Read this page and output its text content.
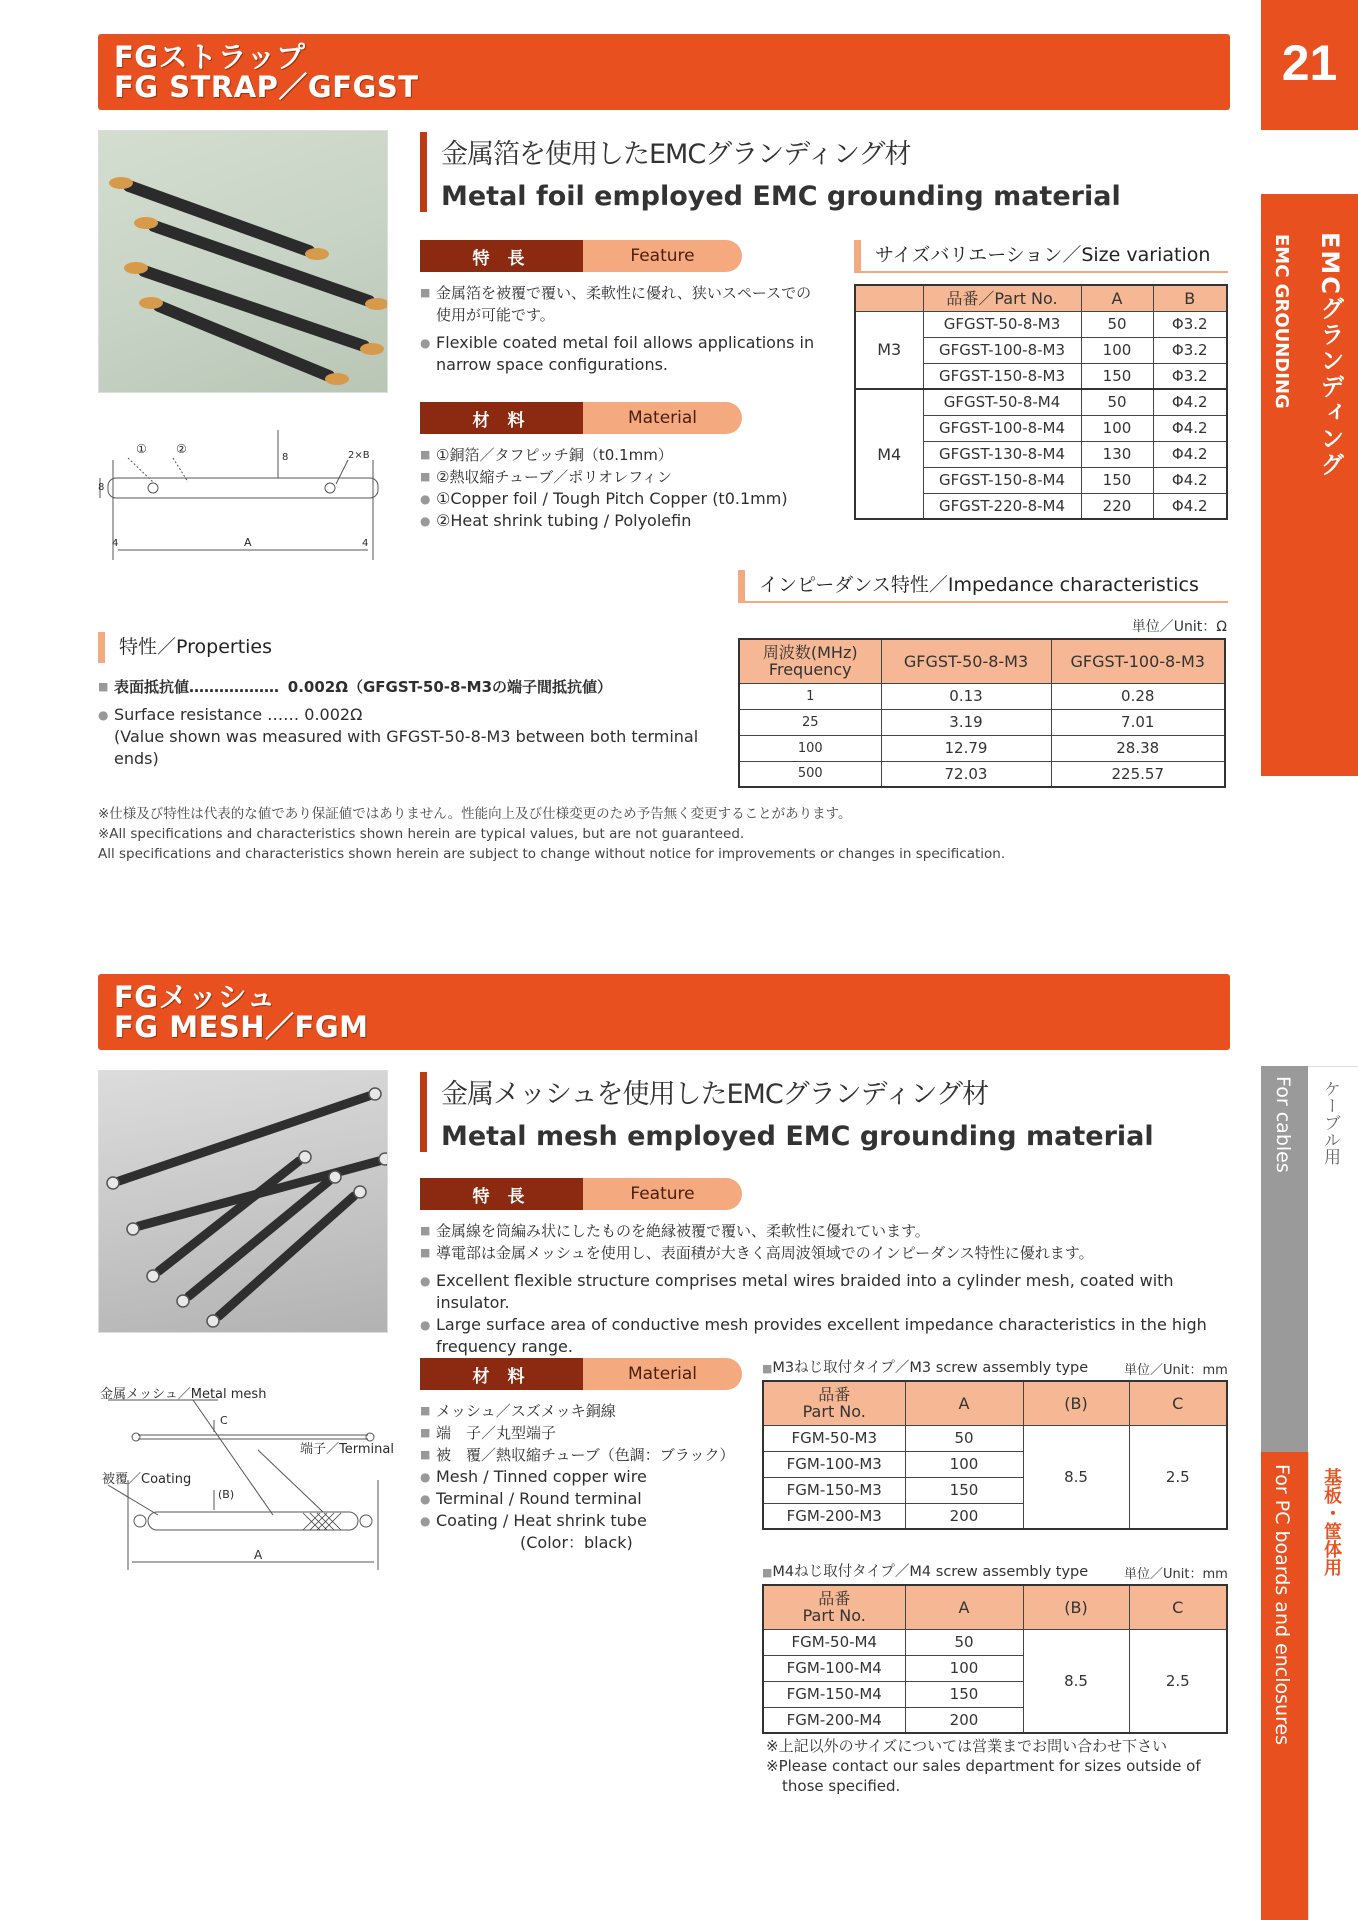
21
EMCグランディング
EMC GROUNDING
For cables ケーブル用
For PC boards and enclosures 基板・筐体用
FGストラップ
FG STRAP／GFGST
① ②
A
8
4
2×B
8
4
金属箔を使用したEMCグランディング材
Metal foil employed EMC grounding material
特 長	Feature
■ 金属箔を被覆で覆い、柔軟性に優れ、狭いスペースでの使用が可能です。
● Flexible coated metal foil allows applications in narrow space configurations.
材 料	Material
■ ①銅箔／タフピッチ銅（t0.1mm）
■ ②熱収縮チューブ／ポリオレフィン
● ①Copper foil / Tough Pitch Copper (t0.1mm)
● ②Heat shrink tubing / Polyolefin
サイズバリエーション／Size variation
	品番／Part No.	A	B
M3	GFGST-50-8-M3	50	Φ3.2
	GFGST-100-8-M3	100	Φ3.2
	GFGST-150-8-M3	150	Φ3.2
M4	GFGST-50-8-M4	50	Φ4.2
	GFGST-100-8-M4	100	Φ4.2
	GFGST-130-8-M4	130	Φ4.2
	GFGST-150-8-M4	150	Φ4.2
	GFGST-220-8-M4	220	Φ4.2
インピーダンス特性／Impedance characteristics
単位／Unit：Ω
周波数(MHz)
Frequency	GFGST-50-8-M3	GFGST-100-8-M3
1	0.13	0.28
25	3.19	7.01
100	12.79	28.38
500	72.03	225.57
特性／Properties
■ 表面抵抗値……………… 0.002Ω（GFGST-50-8-M3の端子間抵抗値）
● Surface resistance …… 0.002Ω
(Value shown was measured with GFGST-50-8-M3 between both terminal ends)
※仕様及び特性は代表的な値であり保証値ではありません。性能向上及び仕様変更のため予告無く変更することがあります。
※All specifications and characteristics shown herein are typical values, but are not guaranteed.
All specifications and characteristics shown herein are subject to change without notice for improvements or changes in specification.
FGメッシュ
FG MESH／FGM
金属メッシュ／Metal mesh
端子／Terminal
被覆／Coating
C
(B)
A
金属メッシュを使用したEMCグランディング材
Metal mesh employed EMC grounding material
特 長	Feature
■ 金属線を筒編み状にしたものを絶縁被覆で覆い、柔軟性に優れています。
■ 導電部は金属メッシュを使用し、表面積が大きく高周波領域でのインピーダンス特性に優れます。
● Excellent flexible structure comprises metal wires braided into a cylinder mesh, coated with insulator.
● Large surface area of conductive mesh provides excellent impedance characteristics in the high frequency range.
材 料	Material
■ メッシュ／スズメッキ銅線
■ 端　子／丸型端子
■ 被　覆／熱収縮チューブ（色調：ブラック）
● Mesh / Tinned copper wire
● Terminal / Round terminal
● Coating / Heat shrink tube
(Color：black)
■M3ねじ取付タイプ／M3 screw assembly type	単位／Unit：mm
品番
Part No.	A	(B)	C
FGM-50-M3	50	8.5	2.5
FGM-100-M3	100		
FGM-150-M3	150		
FGM-200-M3	200		
■M4ねじ取付タイプ／M4 screw assembly type	単位／Unit：mm
品番
Part No.	A	(B)	C
FGM-50-M4	50	8.5	2.5
FGM-100-M4	100		
FGM-150-M4	150		
FGM-200-M4	200		
※上記以外のサイズについては営業までお問い合わせ下さい
※Please contact our sales department for sizes outside of
those specified.
